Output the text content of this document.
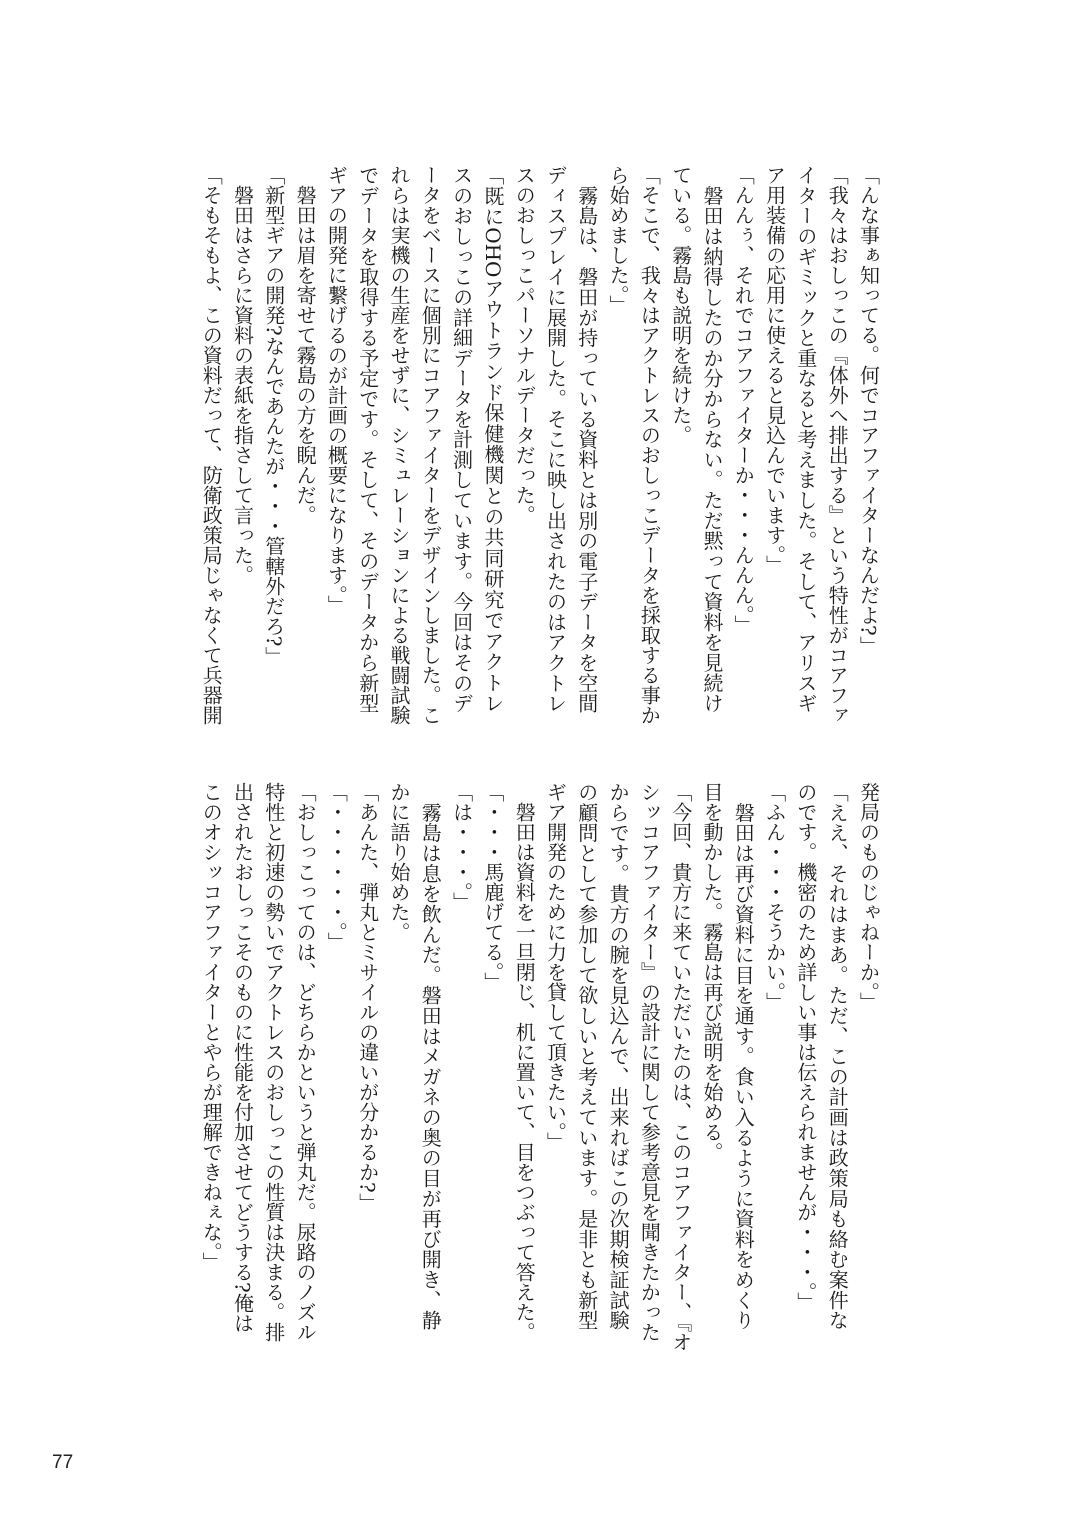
「んな事ぁ知ってる。何でコアファイターなんだよ?」
「我々はおしっこの『体外へ排出する』という特性がコアファ
イターのギミックと重なると考えました。そして、アリスギ
ア用装備の応用に使えると見込んでいます。」
「んんぅ、それでコアファイターか・・・んんん。」
　磐田は納得したのか分からない。ただ黙って資料を見続け
ている。霧島も説明を続けた。
「そこで、我々はアクトレスのおしっこデータを採取する事か
ら始めました。」
　霧島は、磐田が持っている資料とは別の電子データを空間
ディスプレイに展開した。そこに映し出されたのはアクトレ
スのおしっこパーソナルデータだった。
「既にOHOアウトランド保健機関との共同研究でアクトレ
スのおしっこの詳細データを計測しています。今回はそのデ
ータをベースに個別にコアファイターをデザインしました。こ
れらは実機の生産をせずに、シミュレーションによる戦闘試験
でデータを取得する予定です。そして、そのデータから新型
ギアの開発に繋げるのが計画の概要になります。」
　磐田は眉を寄せて霧島の方を睨んだ。
「新型ギアの開発?なんであんたが・・・管轄外だろ?」
　磐田はさらに資料の表紙を指さして言った。
「そもそもよ、この資料だって、防衛政策局じゃなくて兵器開
発局のものじゃねーか。」
「ええ、それはまあ。ただ、この計画は政策局も絡む案件な
のです。機密のため詳しい事は伝えられませんが・・・。」
「ふん・・・そうかい。」
　磐田は再び資料に目を通す。食い入るように資料をめくり
目を動かした。霧島は再び説明を始める。
「今回、貴方に来ていただいたのは、このコアファイター、『オ
シッコアファイター』の設計に関して参考意見を聞きたかった
からです。貴方の腕を見込んで、出来ればこの次期検証試験
の顧問として参加して欲しいと考えています。是非とも新型
ギア開発のために力を貸して頂きたい。」
　磐田は資料を一旦閉じ、机に置いて、目をつぶって答えた。
「・・・馬鹿げてる。」
「は・・・。」
　霧島は息を飲んだ。磐田はメガネの奥の目が再び開き、静
かに語り始めた。
「あんた、弾丸とミサイルの違いが分かるか?」
「・・・・・・。」
「おしっこってのは、どちらかというと弾丸だ。尿路のノズル
特性と初速の勢いでアクトレスのおしっこの性質は決まる。排
出されたおしっこそのものに性能を付加させてどうする?俺は
このオシッコアファイターとやらが理解できねぇな。」
77
